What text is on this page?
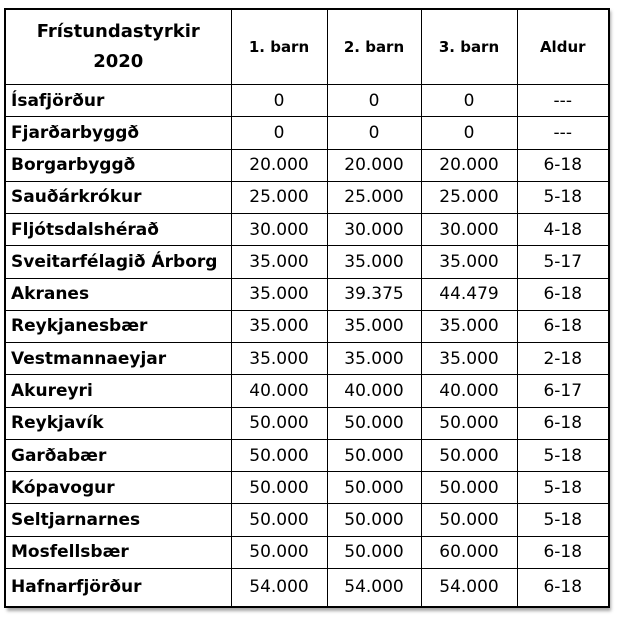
Frístundastyrkir 2020	1. barn	2. barn	3. barn	Aldur
Ísafjörður	0	0	0	---
Fjarðarbyggð	0	0	0	---
Borgarbyggð	20.000	20.000	20.000	6-18
Sauðárkrókur	25.000	25.000	25.000	5-18
Fljótsdalshérað	30.000	30.000	30.000	4-18
Sveitarfélagið Árborg	35.000	35.000	35.000	5-17
Akranes	35.000	39.375	44.479	6-18
Reykjanesbær	35.000	35.000	35.000	6-18
Vestmannaeyjar	35.000	35.000	35.000	2-18
Akureyri	40.000	40.000	40.000	6-17
Reykjavík	50.000	50.000	50.000	6-18
Garðabær	50.000	50.000	50.000	5-18
Kópavogur	50.000	50.000	50.000	5-18
Seltjarnarnes	50.000	50.000	50.000	5-18
Mosfellsbær	50.000	50.000	60.000	6-18
Hafnarfjörður	54.000	54.000	54.000	6-18
